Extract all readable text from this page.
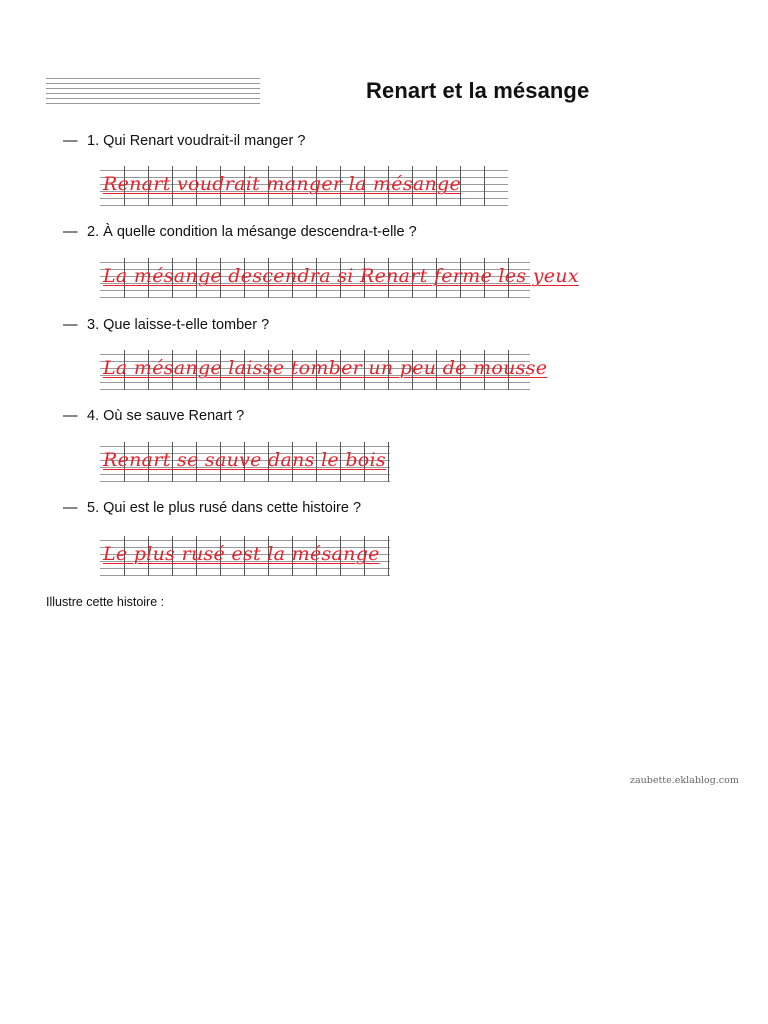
Renart et la mésange
— 1. Qui Renart voudrait-il manger ?
Renart voudrait manger la mésange
— 2. À quelle condition la mésange descendra-t-elle ?
La mésange descendra si Renart ferme les yeux
— 3. Que laisse-t-elle tomber ?
La mésange laisse tomber un peu de mousse
— 4. Où se sauve Renart ?
Renart se sauve dans le bois
— 5. Qui est le plus rusé dans cette histoire ?
Le plus rusé est la mésange
Illustre cette histoire :
zaubette.eklablog.com
